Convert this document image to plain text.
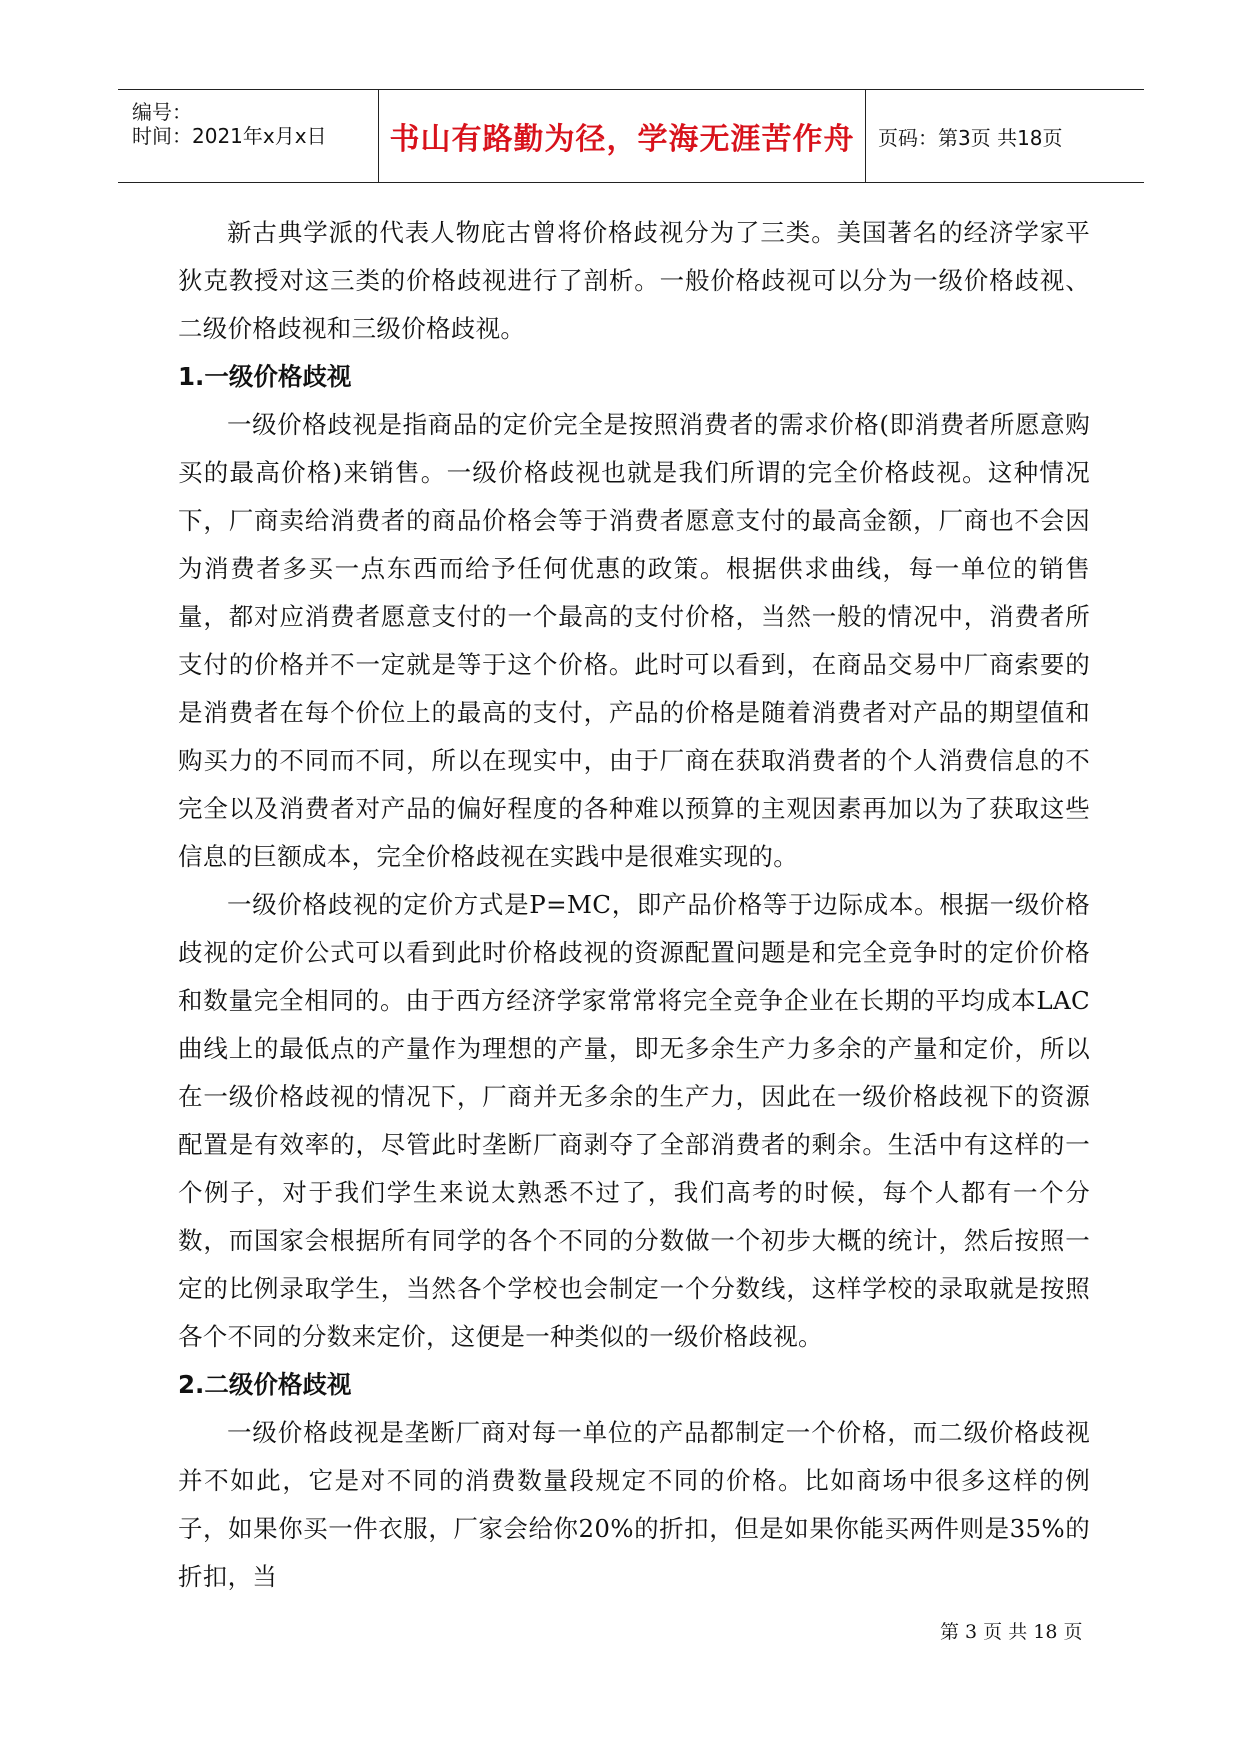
编号：
时间：2021年x月x日 书山有路勤为径，学海无涯苦作舟 页码：第3页 共18页

新古典学派的代表人物庇古曾将价格歧视分为了三类。美国著名的经济学家平狄克教授对这三类的价格歧视进行了剖析。一般价格歧视可以分为一级价格歧视、二级价格歧视和三级价格歧视。

1.一级价格歧视

一级价格歧视是指商品的定价完全是按照消费者的需求价格(即消费者所愿意购买的最高价格)来销售。一级价格歧视也就是我们所谓的完全价格歧视。这种情况下，厂商卖给消费者的商品价格会等于消费者愿意支付的最高金额，厂商也不会因为消费者多买一点东西而给予任何优惠的政策。根据供求曲线，每一单位的销售量，都对应消费者愿意支付的一个最高的支付价格，当然一般的情况中，消费者所支付的价格并不一定就是等于这个价格。此时可以看到，在商品交易中厂商索要的是消费者在每个价位上的最高的支付，产品的价格是随着消费者对产品的期望值和购买力的不同而不同，所以在现实中，由于厂商在获取消费者的个人消费信息的不完全以及消费者对产品的偏好程度的各种难以预算的主观因素再加以为了获取这些信息的巨额成本，完全价格歧视在实践中是很难实现的。

一级价格歧视的定价方式是P=MC，即产品价格等于边际成本。根据一级价格歧视的定价公式可以看到此时价格歧视的资源配置问题是和完全竞争时的定价价格和数量完全相同的。由于西方经济学家常常将完全竞争企业在长期的平均成本LAC曲线上的最低点的产量作为理想的产量，即无多余生产力多余的产量和定价，所以在一级价格歧视的情况下，厂商并无多余的生产力，因此在一级价格歧视下的资源配置是有效率的，尽管此时垄断厂商剥夺了全部消费者的剩余。生活中有这样的一个例子，对于我们学生来说太熟悉不过了，我们高考的时候，每个人都有一个分数，而国家会根据所有同学的各个不同的分数做一个初步大概的统计，然后按照一定的比例录取学生，当然各个学校也会制定一个分数线，这样学校的录取就是按照各个不同的分数来定价，这便是一种类似的一级价格歧视。

2.二级价格歧视

一级价格歧视是垄断厂商对每一单位的产品都制定一个价格，而二级价格歧视并不如此，它是对不同的消费数量段规定不同的价格。比如商场中很多这样的例子，如果你买一件衣服，厂家会给你20%的折扣，但是如果你能买两件则是35%的折扣，当

第 3 页 共 18 页
